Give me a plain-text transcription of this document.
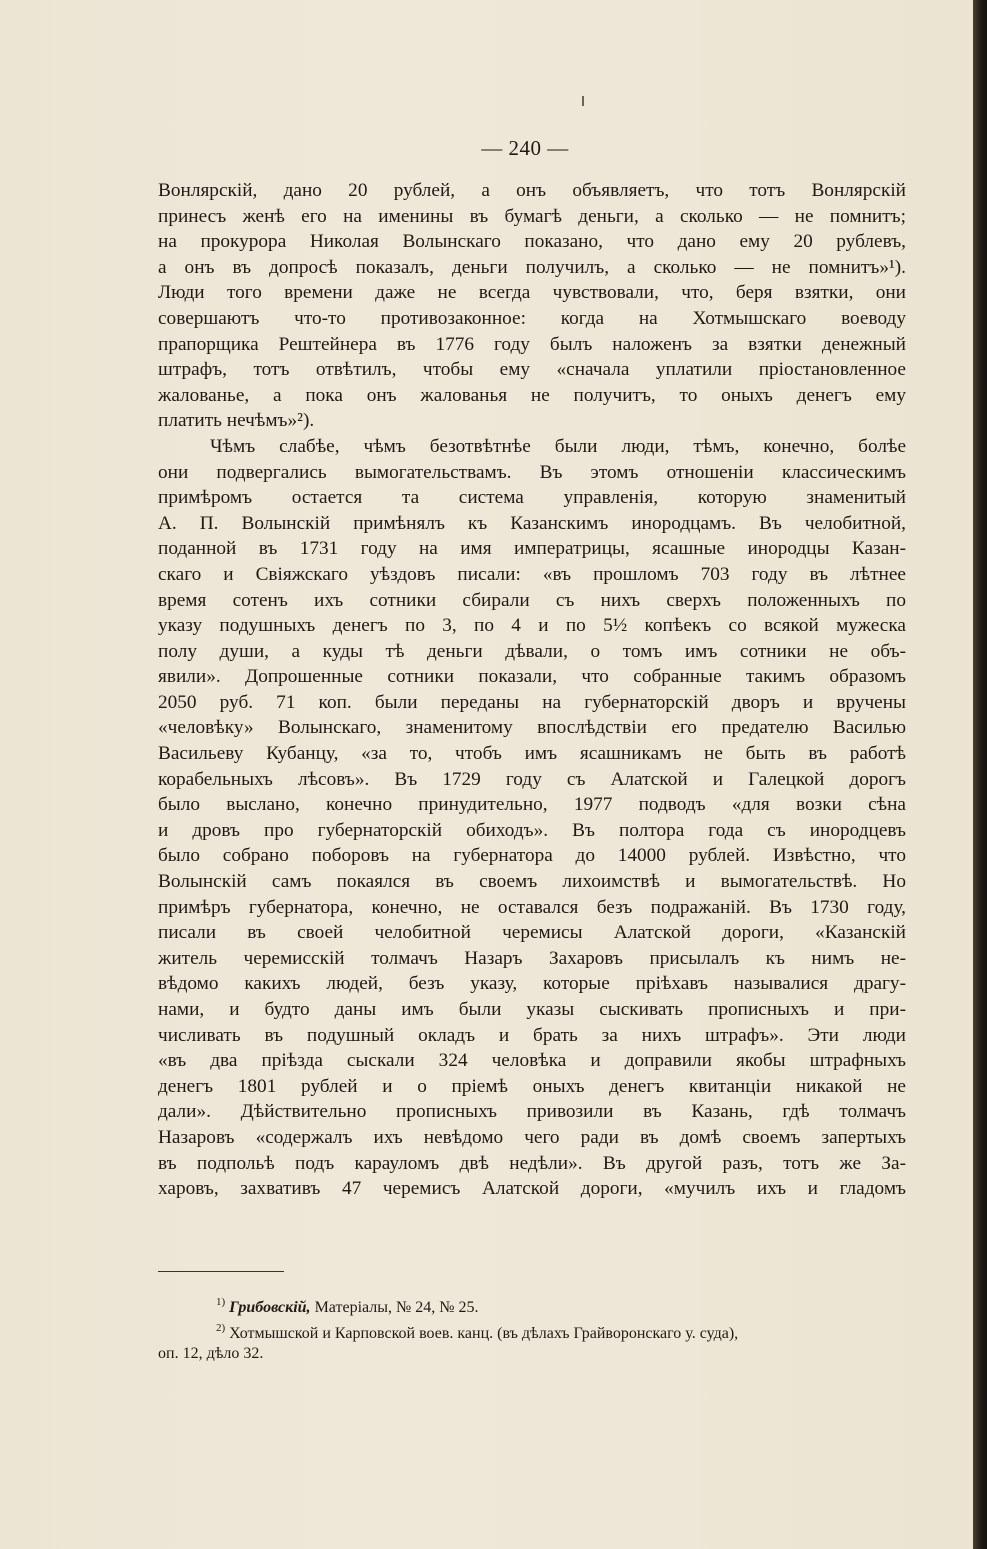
— 240 —
Вонлярскій, дано 20 рублей, а онъ объявляетъ, что тотъ Вонлярскій
принесъ женѣ его на именины въ бумагѣ деньги, а сколько — не помнитъ;
на прокурора Николая Волынскаго показано, что дано ему 20 рублевъ,
а онъ въ допросѣ показалъ, деньги получилъ, а сколько — не помнитъ»¹).
Люди того времени даже не всегда чувствовали, что, беря взятки, они
совершаютъ что-то противозаконное: когда на Хотмышскаго воеводу
прапорщика Рештейнера въ 1776 году былъ наложенъ за взятки денежный
штрафъ, тотъ отвѣтилъ, чтобы ему «сначала уплатили пріостановленное
жалованье, а пока онъ жалованья не получитъ, то оныхъ денегъ ему
платить нечѣмъ»²).
Чѣмъ слабѣе, чѣмъ безотвѣтнѣе были люди, тѣмъ, конечно, болѣе
они подвергались вымогательствамъ. Въ этомъ отношеніи классическимъ
примѣромъ остается та система управленія, которую знаменитый
А. П. Волынскій примѣнялъ къ Казанскимъ инородцамъ. Въ челобитной,
поданной въ 1731 году на имя императрицы, ясашные инородцы Казан-
скаго и Свіяжскаго уѣздовъ писали: «въ прошломъ 703 году въ лѣтнее
время сотенъ ихъ сотники сбирали съ нихъ сверхъ положенныхъ по
указу подушныхъ денегъ по 3, по 4 и по 5½ копѣекъ со всякой мужеска
полу души, а куды тѣ деньги дѣвали, о томъ имъ сотники не объ-
явили». Допрошенные сотники показали, что собранные такимъ образомъ
2050 руб. 71 коп. были переданы на губернаторскій дворъ и вручены
«человѣку» Волынскаго, знаменитому впослѣдствіи его предателю Василью
Васильеву Кубанцу, «за то, чтобъ имъ ясашникамъ не быть въ работѣ
корабельныхъ лѣсовъ». Въ 1729 году съ Алатской и Галецкой дорогъ
было выслано, конечно принудительно, 1977 подводъ «для возки сѣна
и дровъ про губернаторскій обиходъ». Въ полтора года съ инородцевъ
было собрано поборовъ на губернатора до 14000 рублей. Извѣстно, что
Волынскій самъ покаялся въ своемъ лихоимствѣ и вымогательствѣ. Но
примѣръ губернатора, конечно, не оставался безъ подражаній. Въ 1730 году,
писали въ своей челобитной черемисы Алатской дороги, «Казанскій
житель черемисскій толмачъ Назаръ Захаровъ присылалъ къ нимъ не-
вѣдомо какихъ людей, безъ указу, которые пріѣхавъ называлися драгу-
нами, и будто даны имъ были указы сыскивать прописныхъ и при-
числивать въ подушный окладъ и брать за нихъ штрафъ». Эти люди
«въ два пріѣзда сыскали 324 человѣка и доправили якобы штрафныхъ
денегъ 1801 рублей и о пріемѣ оныхъ денегъ квитанціи никакой не
дали». Дѣйствительно прописныхъ привозили въ Казань, гдѣ толмачъ
Назаровъ «содержалъ ихъ невѣдомо чего ради въ домѣ своемъ запертыхъ
въ подпольѣ подъ карауломъ двѣ недѣли». Въ другой разъ, тотъ же За-
харовъ, захвативъ 47 черемисъ Алатской дороги, «мучилъ ихъ и гладомъ
$^{1)}$ Грибовскій, Матеріалы, № 24, № 25.
$^{2)}$ Хотмышской и Карповской воев. канц. (въ дѣлахъ Грайворонскаго у. суда),
оп. 12, дѣло 32.
